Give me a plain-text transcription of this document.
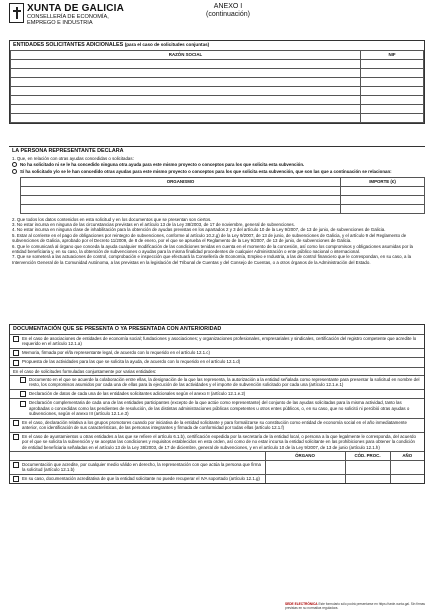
XUNTA DE GALICIA
CONSELLERÍA DE ECONOMÍA,
EMPREGO E INDUSTRIA
ANEXO I
(continuación)
ENTIDADES SOLICITANTES ADICIONALES (para el caso de solicitudes conjuntas)
RAZÓN SOCIAL	NIF

LA PERSONA REPRESENTANTE DECLARA
1. Que, en relación con otras ayudas concedidas o solicitadas:
No ha solicitado ni se le ha concedido ninguna otra ayuda para este mismo proyecto o conceptos para los que solicita esta subvención.
Sí ha solicitado y/o se le han concedido otras ayudas para este mismo proyecto o conceptos para los que solicita esta subvención, que son las que a continuación se relacionan:
ORGANISMO	IMPORTE (€)

2. Que todos los datos contenidos en esta solicitud y en los documentos que se presentan son ciertos.
3. No estar incursa en ninguna de las circunstancias previstas en el artículo 13 de la Ley 38/2003, de 17 de noviembre, general de subvenciones.
4. No estar incursa en ninguna clase de inhabilitación para la obtención de ayudas previstas en los apartados 2 y 3 del artículo 10 de la Ley 9/2007, de 13 de junio, de subvenciones de Galicia.
5. Estar al corriente en el pago de obligaciones por reintegro de subvenciones, conforme al artículo 10.2.g) de la Ley 9/2007, de 13 de junio, de subvenciones de Galicia, y el artículo 9 del Reglamento de subvenciones de Galicia, aprobado por el Decreto 11/2009, de 8 de enero, por el que se aprueba el Reglamento de la Ley 9/2007, de 13 de junio, de subvenciones de Galicia.
6. Que le comunicará al órgano que conceda la ayuda cualquier modificación de las condiciones tenidas en cuenta en el momento de la concesión, así como los compromisos y obligaciones asumidas por la entidad beneficiaria y, en su caso, la obtención de subvenciones o ayudas para la misma finalidad procedentes de cualquier Administración o ente público nacional o internacional.
7. Que se someterá a las actuaciones de control, comprobación e inspección que efectuará la Consellería de Economía, Empleo e Industria, a las de control financiero que le correspondan, en su caso, a la Intervención General de la Comunidad Autónoma, a las previstas en la legislación del Tribunal de Cuentas y del Consejo de Cuentas, o a otros órganos de la Administración del Estado.
DOCUMENTACIÓN QUE SE PRESENTA O YA PRESENTADA CON ANTERIORIDAD
En el caso de asociaciones de entidades de economía social; fundaciones y asociaciones; y organizaciones profesionales, empresariales y sindicales, certificación del registro competente que acredite lo requerido en el artículo 12.1.a)
Memoria, firmada por el/la representante legal, de acuerdo con lo requerido en el artículo 12.1.c)
Propuesta de las actividades para las que se solicita la ayuda, de acuerdo con lo requerido en el artículo 12.1.d)
En el caso de solicitudes formuladas conjuntamente por varias entidades:
Documento en el que se acuerde la colaboración entre ellas, la designación de la que las representa, la autorización a la entidad señalada como representante para presentar la solicitud en nombre del resto, los compromisos asumidos por cada una de ellas para la ejecución de las actividades y el importe de subvención solicitado por cada una (artículo 12.1.e.1)
Declaración de datos de cada una de las entidades solicitantes adicionales según el anexo II (artículo 12.1.e.2)
Declaración complementaria de cada una de las entidades participantes (excepto de la que actúe como representante) del conjunto de las ayudas solicitadas para la misma actividad, tanto las aprobadas o concedidas como las pendientes de resolución, de las distintas administraciones públicas competentes u otros entes públicos, o, en su caso, que no solicitó ni percibió otras ayudas o subvenciones, según el anexo III (artículo 12.1.e.3)
En el caso, declaración relativa a los grupos promotores cuando por iniciativa de la entidad solicitante y para formalizarse su constitución como entidad de economía social en el año inmediatamente anterior, con identificación de sus características, de las personas integrantes y firmada de conformidad por todas ellas (artículo 12.1.f)
En el caso de ayuntamientos u otras entidades a las que se refiere el artículo 6.1.b), certificación expedida por la secretaría de la entidad local, o persona a la que legalmente le corresponda, del acuerdo por el que se solicita la subvención y se aceptan las condiciones y requisitos establecidos en esta orden, así como de no estar incursa la entidad solicitante en las prohibiciones para obtener la condición de entidad beneficiaria señaladas en el artículo 13 de la Ley 38/2003, de 17 de diciembre, general de subvenciones, y en el artículo 10 de la Ley 9/2007, de 13 de junio (artículo 12.1.h)
	ÓRGANO	CÓD. PROC.	AÑO

Documentación que acredite, por cualquier medio válido en derecho, la representación con que actúa la persona que firma la solicitud (artículo 12.1.b)			

En su caso, documentación acreditativa de que la entidad solicitante no puede recuperar el IVA soportado (artículo 12.1.g)			

SEDE ELECTRÓNICA Este formulario sólo podrá presentarse en https://sede.xunta.gal. Sin firmas previstas en su normativa reguladora.
